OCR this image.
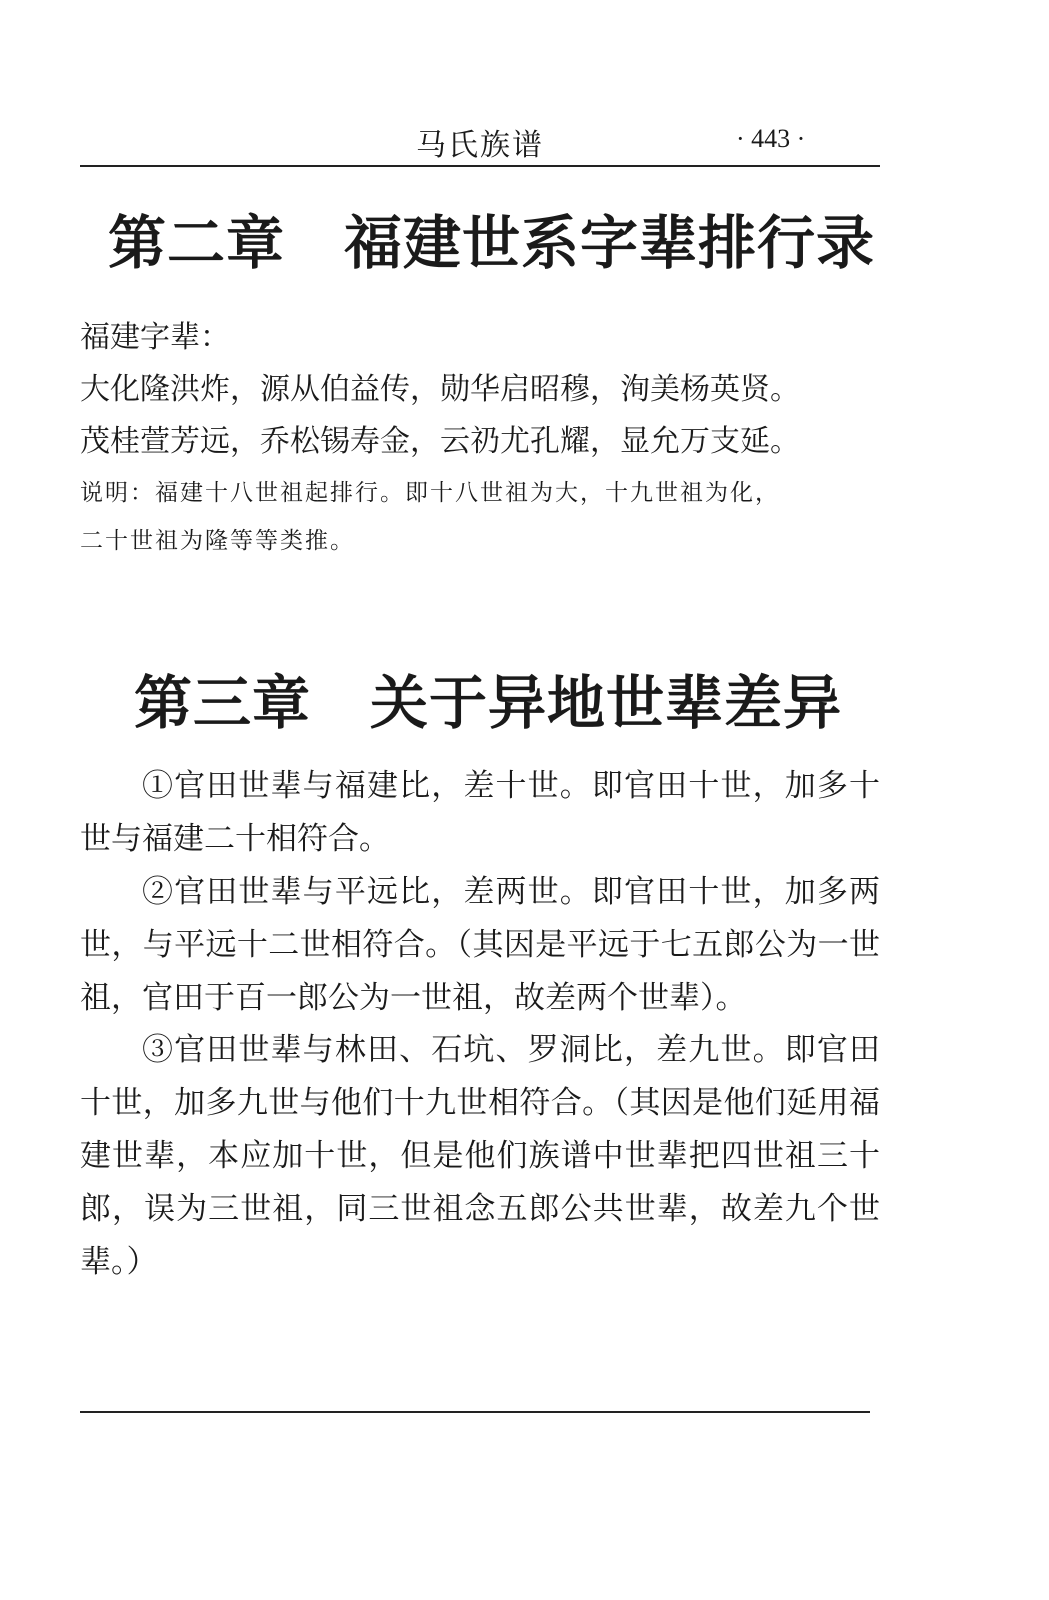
马氏族谱	· 443 ·
第二章　福建世系字辈排行录
福建字辈：
大化隆洪炸，源从伯益传，勋华启昭穆，洵美杨英贤。
茂桂萱芳远，乔松锡寿金，云礽尤孔耀，显允万支延。
说明：福建十八世祖起排行。即十八世祖为大，十九世祖为化，
二十世祖为隆等等类推。
第三章　关于异地世辈差异
①官田世辈与福建比，差十世。即官田十世，加多十世与福建二十相符合。
②官田世辈与平远比，差两世。即官田十世，加多两世，与平远十二世相符合。（其因是平远于七五郎公为一世祖，官田于百一郎公为一世祖，故差两个世辈）。
③官田世辈与林田、石坑、罗洞比，差九世。即官田十世，加多九世与他们十九世相符合。（其因是他们延用福建世辈，本应加十世，但是他们族谱中世辈把四世祖三十郎，误为三世祖，同三世祖念五郎公共世辈，故差九个世辈。）
